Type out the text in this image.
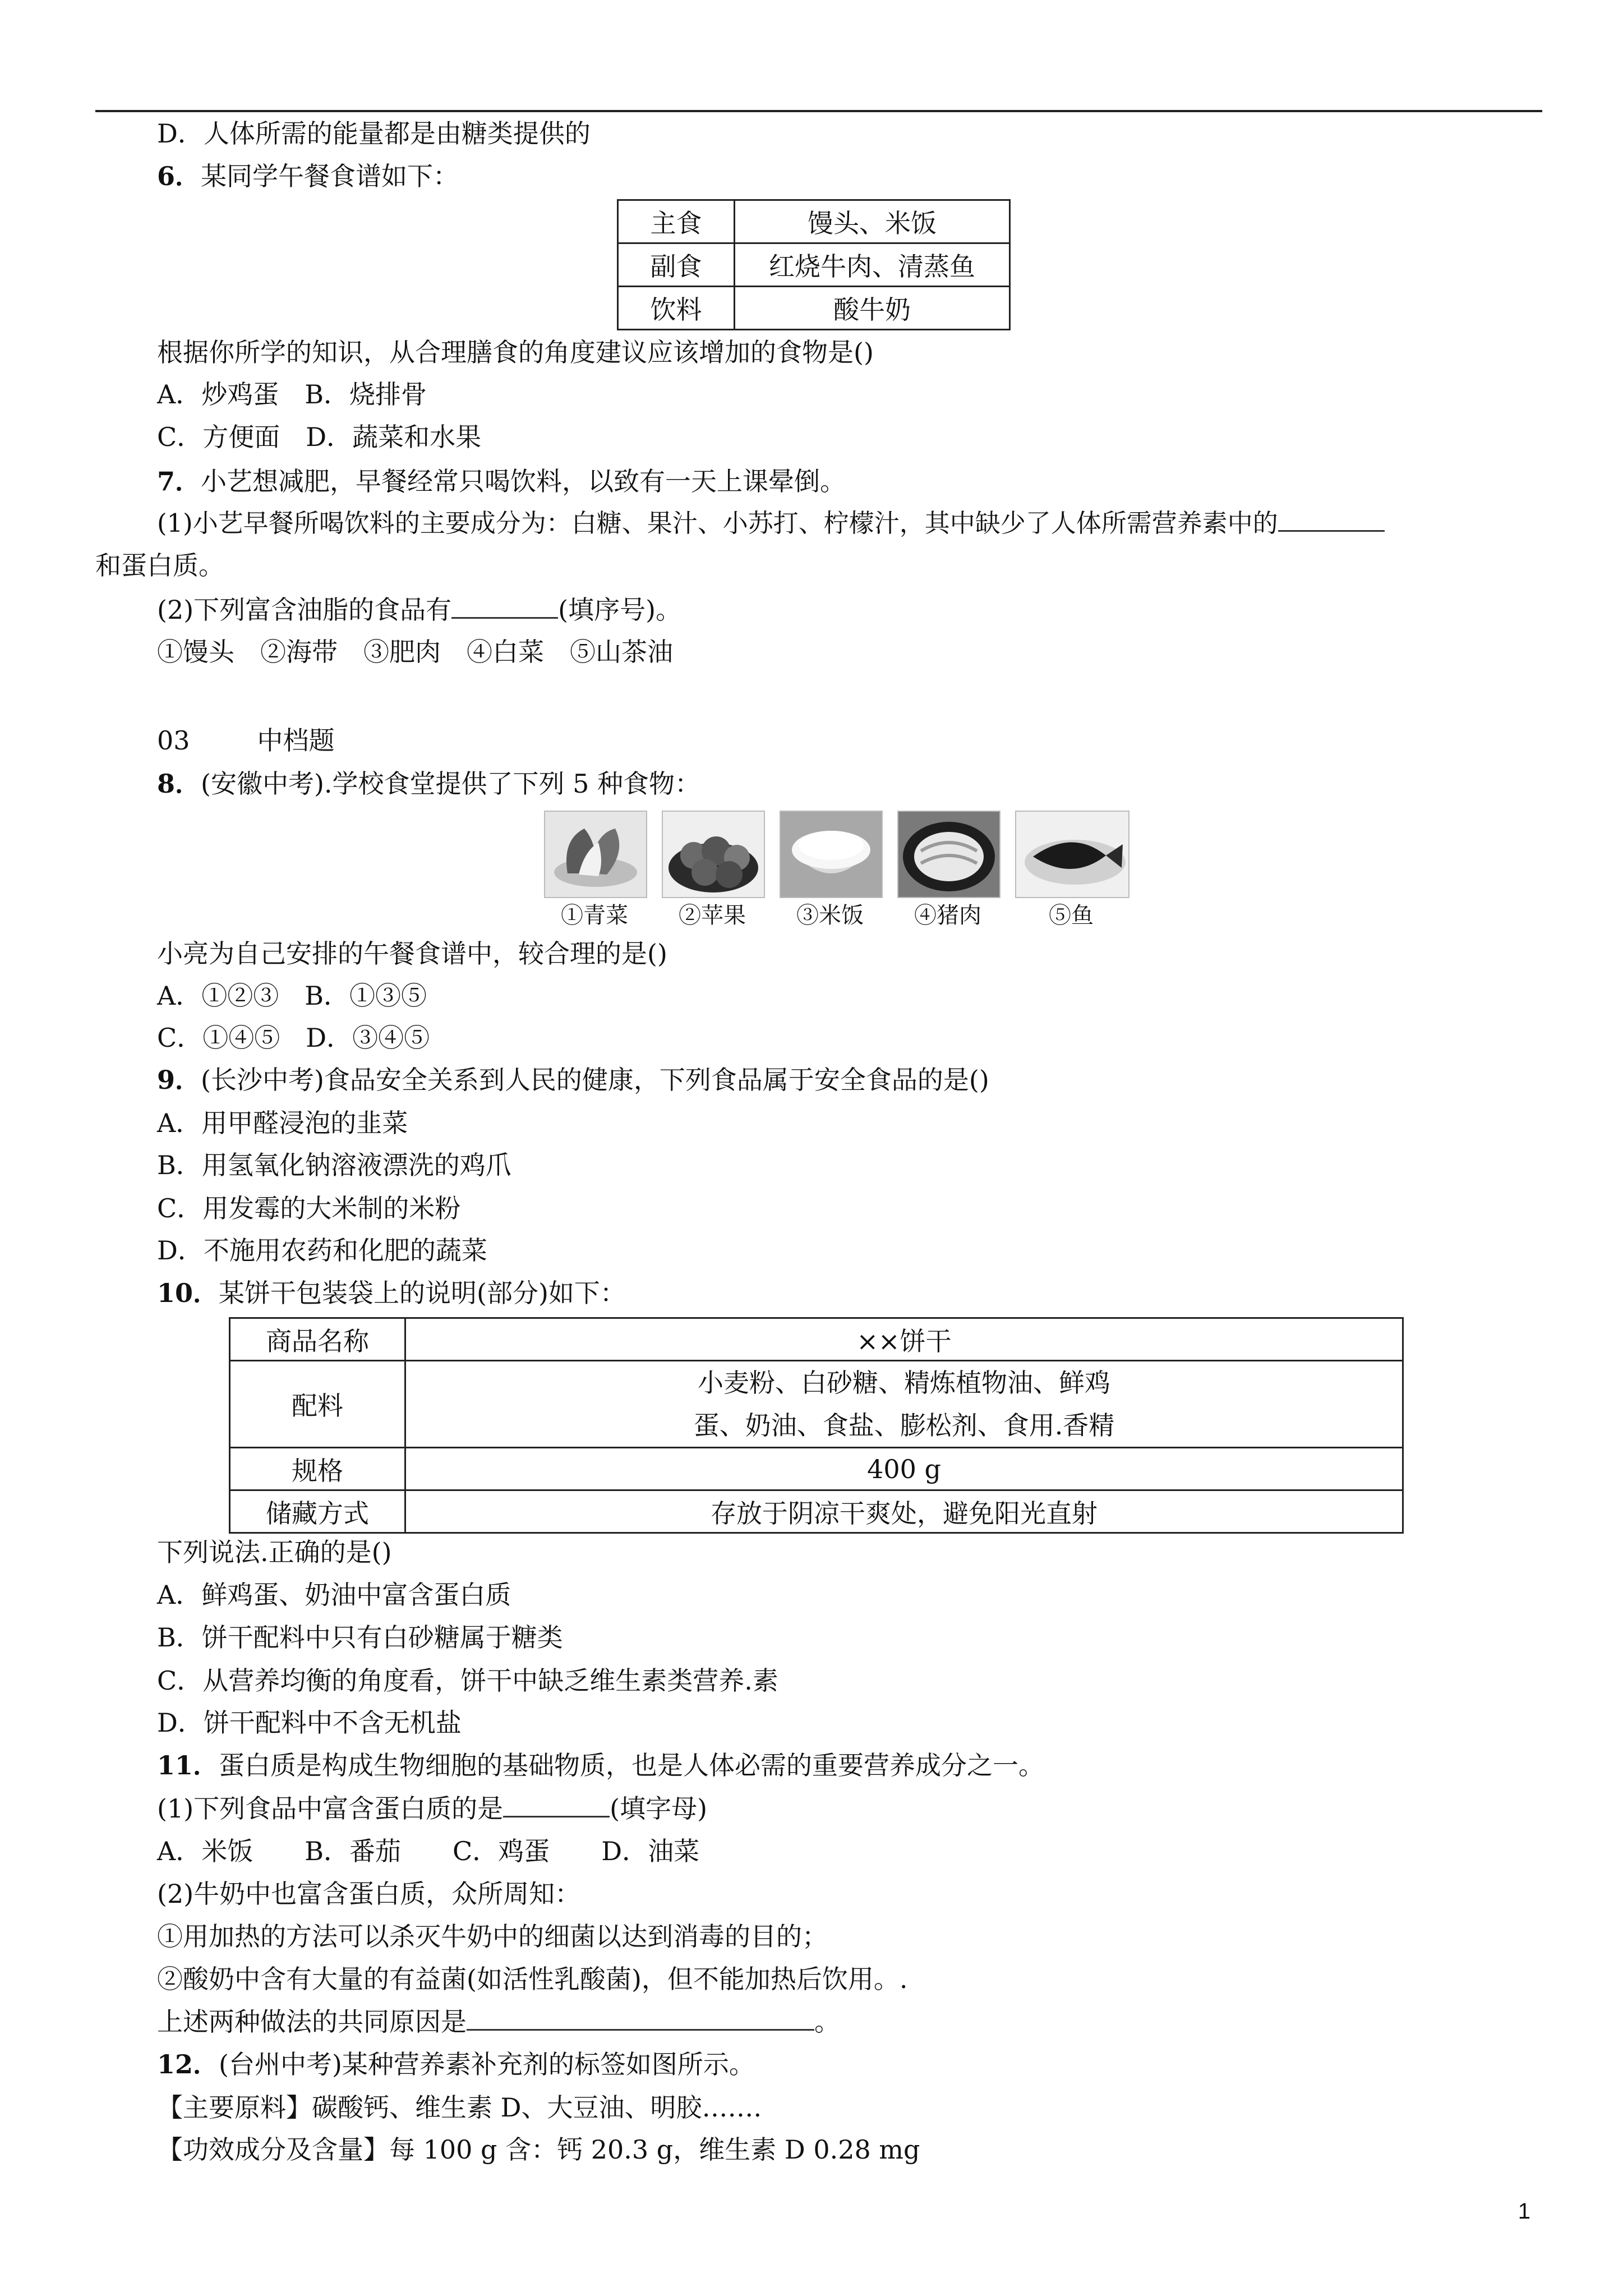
D．人体所需的能量都是由糖类提供的
6．某同学午餐食谱如下：
主食	馒头、米饭
副食	红烧牛肉、清蒸鱼
饮料	酸牛奶
根据你所学的知识，从合理膳食的角度建议应该增加的食物是()
A．炒鸡蛋　B．烧排骨
C．方便面　D．蔬菜和水果
7．小艺想减肥，早餐经常只喝饮料，以致有一天上课晕倒。
(1)小艺早餐所喝饮料的主要成分为：白糖、果汁、小苏打、柠檬汁，其中缺少了人体所需营养素中的
和蛋白质。
(2)下列富含油脂的食品有	(填序号)。
①馒头　②海带　③肥肉　④白菜　⑤山茶油
03	中档题
8．(安徽中考).学校食堂提供了下列 5 种食物：
①青菜	②苹果	③米饭	④猪肉	⑤鱼
小亮为自己安排的午餐食谱中，较合理的是()
A．①②③　B．①③⑤
C．①④⑤　D．③④⑤
9．(长沙中考)食品安全关系到人民的健康，下列食品属于安全食品的是()
A．用甲醛浸泡的韭菜
B．用氢氧化钠溶液漂洗的鸡爪
C．用发霉的大米制的米粉
D．不施用农药和化肥的蔬菜
10．某饼干包装袋上的说明(部分)如下：
商品名称	××饼干
配料	小麦粉、白砂糖、精炼植物油、鲜鸡
蛋、奶油、食盐、膨松剂、食用.香精

规格	400 g
储藏方式	存放于阴凉干爽处，避免阳光直射
下列说法.正确的是()
A．鲜鸡蛋、奶油中富含蛋白质
B．饼干配料中只有白砂糖属于糖类
C．从营养均衡的角度看，饼干中缺乏维生素类营养.素
D．饼干配料中不含无机盐
11．蛋白质是构成生物细胞的基础物质，也是人体必需的重要营养成分之一。
(1)下列食品中富含蛋白质的是	(填字母)
A．米饭　　B．番茄　　C．鸡蛋　　D．油菜
(2)牛奶中也富含蛋白质，众所周知：
①用加热的方法可以杀灭牛奶中的细菌以达到消毒的目的；
②酸奶中含有大量的有益菌(如活性乳酸菌)，但不能加热后饮用。.
上述两种做法的共同原因是	。
12．(台州中考)某种营养素补充剂的标签如图所示。
【主要原料】碳酸钙、维生素 D、大豆油、明胶…….
【功效成分及含量】每 100 g 含：钙 20.3 g，维生素 D 0.28 mg
1
